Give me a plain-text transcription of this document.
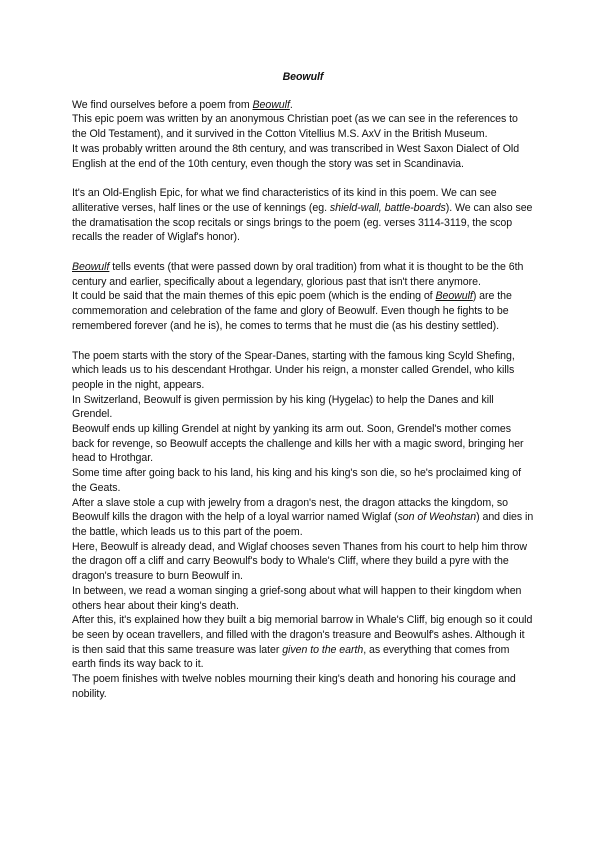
Beowulf

We find ourselves before a poem from Beowulf.

This epic poem was written by an anonymous Christian poet (as we can see in the references to the Old Testament), and it survived in the Cotton Vitellius M.S. AxV in the British Museum.

It was probably written around the 8th century, and was transcribed in West Saxon Dialect of Old English at the end of the 10th century, even though the story was set in Scandinavia.

It's an Old-English Epic, for what we find characteristics of its kind in this poem. We can see alliterative verses, half lines or the use of kennings (eg. shield-wall, battle-boards). We can also see the dramatisation the scop recitals or sings brings to the poem (eg. verses 3114-3119, the scop recalls the reader of Wiglaf's honor).

Beowulf tells events (that were passed down by oral tradition) from what it is thought to be the 6th century and earlier, specifically about a legendary, glorious past that isn't there anymore.

It could be said that the main themes of this epic poem (which is the ending of Beowulf) are the commemoration and celebration of the fame and glory of Beowulf. Even though he fights to be remembered forever (and he is), he comes to terms that he must die (as his destiny settled).

The poem starts with the story of the Spear-Danes, starting with the famous king Scyld Shefing, which leads us to his descendant Hrothgar. Under his reign, a monster called Grendel, who kills people in the night, appears.

In Switzerland, Beowulf is given permission by his king (Hygelac) to help the Danes and kill Grendel.

Beowulf ends up killing Grendel at night by yanking its arm out. Soon, Grendel's mother comes back for revenge, so Beowulf accepts the challenge and kills her with a magic sword, bringing her head to Hrothgar.

Some time after going back to his land, his king and his king's son die, so he's proclaimed king of the Geats.

After a slave stole a cup with jewelry from a dragon's nest, the dragon attacks the kingdom, so Beowulf kills the dragon with the help of a loyal warrior named Wiglaf (son of Weohstan) and dies in the battle, which leads us to this part of the poem.

Here, Beowulf is already dead, and Wiglaf chooses seven Thanes from his court to help him throw the dragon off a cliff and carry Beowulf's body to Whale's Cliff, where they build a pyre with the dragon's treasure to burn Beowulf in.

In between, we read a woman singing a grief-song about what will happen to their kingdom when others hear about their king's death.

After this, it's explained how they built a big memorial barrow in Whale's Cliff, big enough so it could be seen by ocean travellers, and filled with the dragon's treasure and Beowulf's ashes. Although it is then said that this same treasure was later given to the earth, as everything that comes from earth finds its way back to it.

The poem finishes with twelve nobles mourning their king's death and honoring his courage and nobility.
